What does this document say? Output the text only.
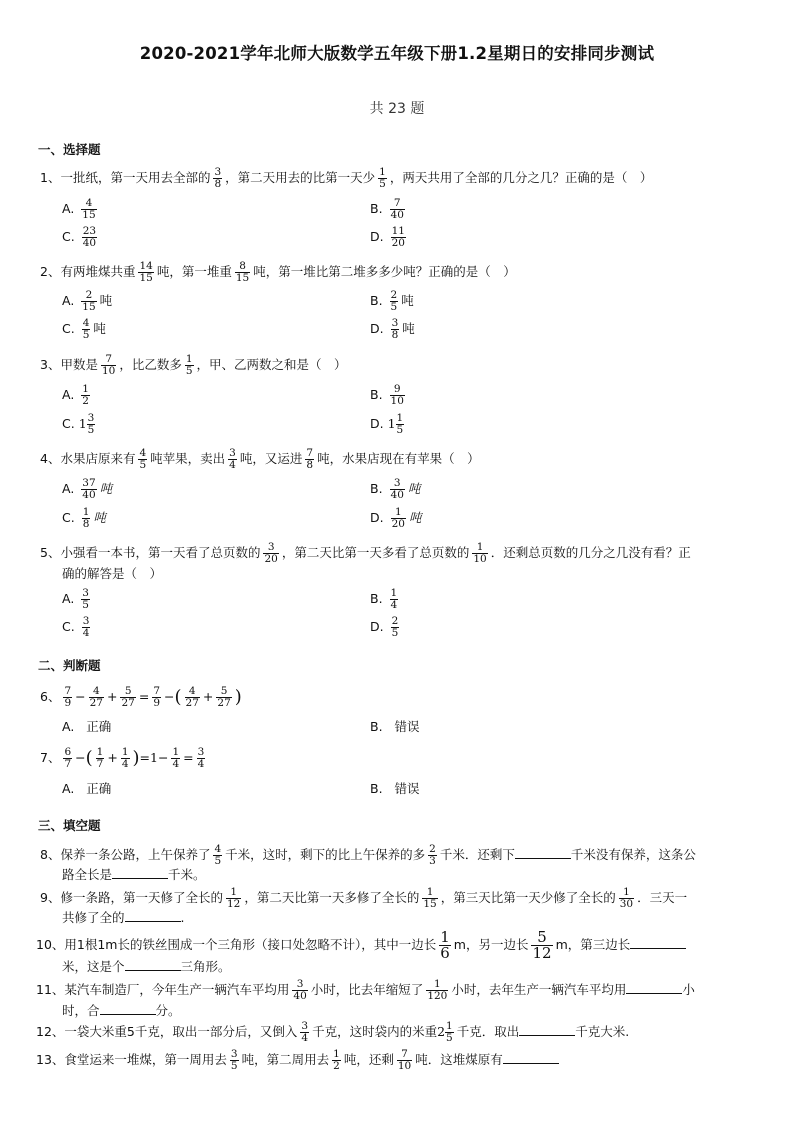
2020-2021学年北师大版数学五年级下册1.2星期日的安排同步测试
共 23 题
一、选择题
1、一批纸，第一天用去全部的 $\frac{3}{8}$ ，第二天用去的比第一天少 $\frac{1}{5}$ ，两天共用了全部的几分之几？正确的是（　）
A. $\frac{4}{15}$	B. $\frac{7}{40}$
C. $\frac{23}{40}$	D. $\frac{11}{20}$
2、有两堆煤共重 $\frac{14}{15}$ 吨，第一堆重 $\frac{8}{15}$ 吨，第一堆比第二堆多多少吨？正确的是（　）
A. $\frac{2}{15}$ 吨	B. $\frac{2}{5}$ 吨
C. $\frac{4}{5}$ 吨	D. $\frac{3}{8}$ 吨
3、甲数是 $\frac{7}{10}$ ，比乙数多 $\frac{1}{5}$ ，甲、乙两数之和是（　）
A. $\frac{1}{2}$	B. $\frac{9}{10}$
C. $1 \frac{3}{5}$	D. $1 \frac{1}{5}$
4、水果店原来有 $\frac{4}{5}$ 吨苹果，卖出 $\frac{3}{4}$ 吨，又运进 $\frac{7}{8}$ 吨，水果店现在有苹果（　）
A. $\frac{37}{40}$ 吨	B. $\frac{3}{40}$ 吨
C. $\frac{1}{8}$ 吨	D. $\frac{1}{20}$ 吨
5、小强看一本书，第一天看了总页数的 $\frac{3}{20}$ ，第二天比第一天多看了总页数的 $\frac{1}{10}$ ．还剩总页数的几分之几没有看？正
确的解答是（　）
A. $\frac{3}{5}$	B. $\frac{1}{4}$
C. $\frac{3}{4}$	D. $\frac{2}{5}$
二、判断题
6、 $\frac{7}{9} - \frac{4}{27} + \frac{5}{27} = \frac{7}{9}$ −( $\frac{4}{27} + \frac{5}{27}$ )
A. 正确	B. 错误
7、 $\frac{6}{7}$ −( $\frac{1}{7} + \frac{1}{4} )=1- \frac{1}{4} = \frac{3}{4}$
A. 正确	B. 错误
三、填空题
8、保养一条公路，上午保养了 $\frac{4}{5}$ 千米，这时，剩下的比上午保养的多 $\frac{2}{3}$ 千米．还剩下	千米没有保养，这条公
路全长是	千米。
9、修一条路，第一天修了全长的 $\frac{1}{12}$ ，第二天比第一天多修了全长的 $\frac{1}{15}$ ，第三天比第一天少修了全长的 $\frac{1}{30}$ ．三天一
共修了全的	.
10、用1根1m长的铁丝围成一个三角形（接口处忽略不计），其中一边长 $\frac{1}{6}$ m，另一边长 $\frac{5}{12}$ m，第三边长
米，这是个	三角形。
11、某汽车制造厂，今年生产一辆汽车平均用 $\frac{3}{40}$ 小时，比去年缩短了 $\frac{1}{120}$ 小时，去年生产一辆汽车平均用	小
时，合	分。
12、一袋大米重5千克，取出一部分后，又倒入 $\frac{3}{4}$ 千克，这时袋内的米重$2 \frac{1}{5}$ 千克．取出	千克大米.
13、食堂运来一堆煤，第一周用去 $\frac{3}{5}$ 吨，第二周用去 $\frac{1}{2}$ 吨，还剩 $\frac{7}{10}$ 吨．这堆煤原有
